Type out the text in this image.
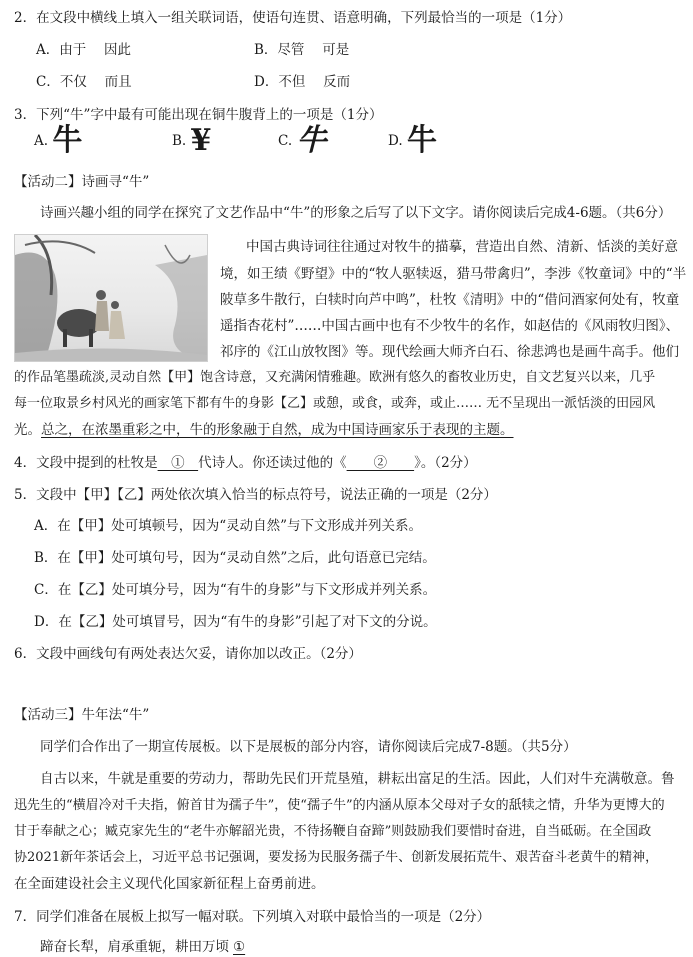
2．在文段中横线上填入一组关联词语，使语句连贯、语意明确，下列最恰当的一项是（1分）
A．由于　 因此	B．尽管　 可是
C．不仅　 而且	D．不但　 反而
3．下列“牛”字中最有可能出现在铜牛腹背上的一项是（1分）
A. 牛	B. ¥	C. 牛	D. 牛
【活动二】诗画寻“牛”
诗画兴趣小组的同学在探究了文艺作品中“牛”的形象之后写了以下文字。请你阅读后完成4-6题。（共6分）
中国古典诗词往往通过对牧牛的描摹，营造出自然、清新、恬淡的美好意
境，如王绩《野望》中的“牧人驱犊返，猎马带禽归”，李涉《牧童词》中的“半
陂草多牛散行，白犊时向芦中鸣”，杜牧《清明》中的“借问酒家何处有，牧童
遥指杏花村”……中国古画中也有不少牧牛的名作，如赵佶的《风雨牧归图》、
祁序的《江山放牧图》等。现代绘画大师齐白石、徐悲鸿也是画牛高手。他们
的作品笔墨疏淡,灵动自然【甲】饱含诗意，又充满闲情雅趣。欧洲有悠久的畜牧业历史，自文艺复兴以来，几乎
每一位取景乡村风光的画家笔下都有牛的身影【乙】或憩，或食，或奔，或止…… 无不呈现出一派恬淡的田园风
光。总之，在浓墨重彩之中，牛的形象融于自然，成为中国诗画家乐于表现的主题。
4．文段中提到的杜牧是　①　代诗人。你还读过他的《　　②　　》。（2分）
5．文段中【甲】【乙】两处依次填入恰当的标点符号，说法正确的一项是（2分）
A．在【甲】处可填顿号，因为“灵动自然”与下文形成并列关系。
B．在【甲】处可填句号，因为“灵动自然”之后，此句语意已完结。
C．在【乙】处可填分号，因为“有牛的身影”与下文形成并列关系。
D．在【乙】处可填冒号，因为“有牛的身影”引起了对下文的分说。
6．文段中画线句有两处表达欠妥，请你加以改正。（2分）
【活动三】牛年法“牛”
同学们合作出了一期宣传展板。以下是展板的部分内容，请你阅读后完成7-8题。（共5分）
自古以来，牛就是重要的劳动力，帮助先民们开荒垦殖，耕耘出富足的生活。因此，人们对牛充满敬意。鲁
迅先生的“横眉冷对千夫指，俯首甘为孺子牛”，使“孺子牛”的内涵从原本父母对子女的舐犊之情，升华为更博大的
甘于奉献之心；臧克家先生的“老牛亦解韶光贵，不待扬鞭自奋蹄”则鼓励我们要惜时奋进，自当砥砺。在全国政
协2021新年茶话会上，习近平总书记强调，要发扬为民服务孺子牛、创新发展拓荒牛、艰苦奋斗老黄牛的精神，
在全面建设社会主义现代化国家新征程上奋勇前进。
7．同学们准备在展板上拟写一幅对联。下列填入对联中最恰当的一项是（2分）
蹄奋长犁，肩承重轭，耕田万顷 ①
